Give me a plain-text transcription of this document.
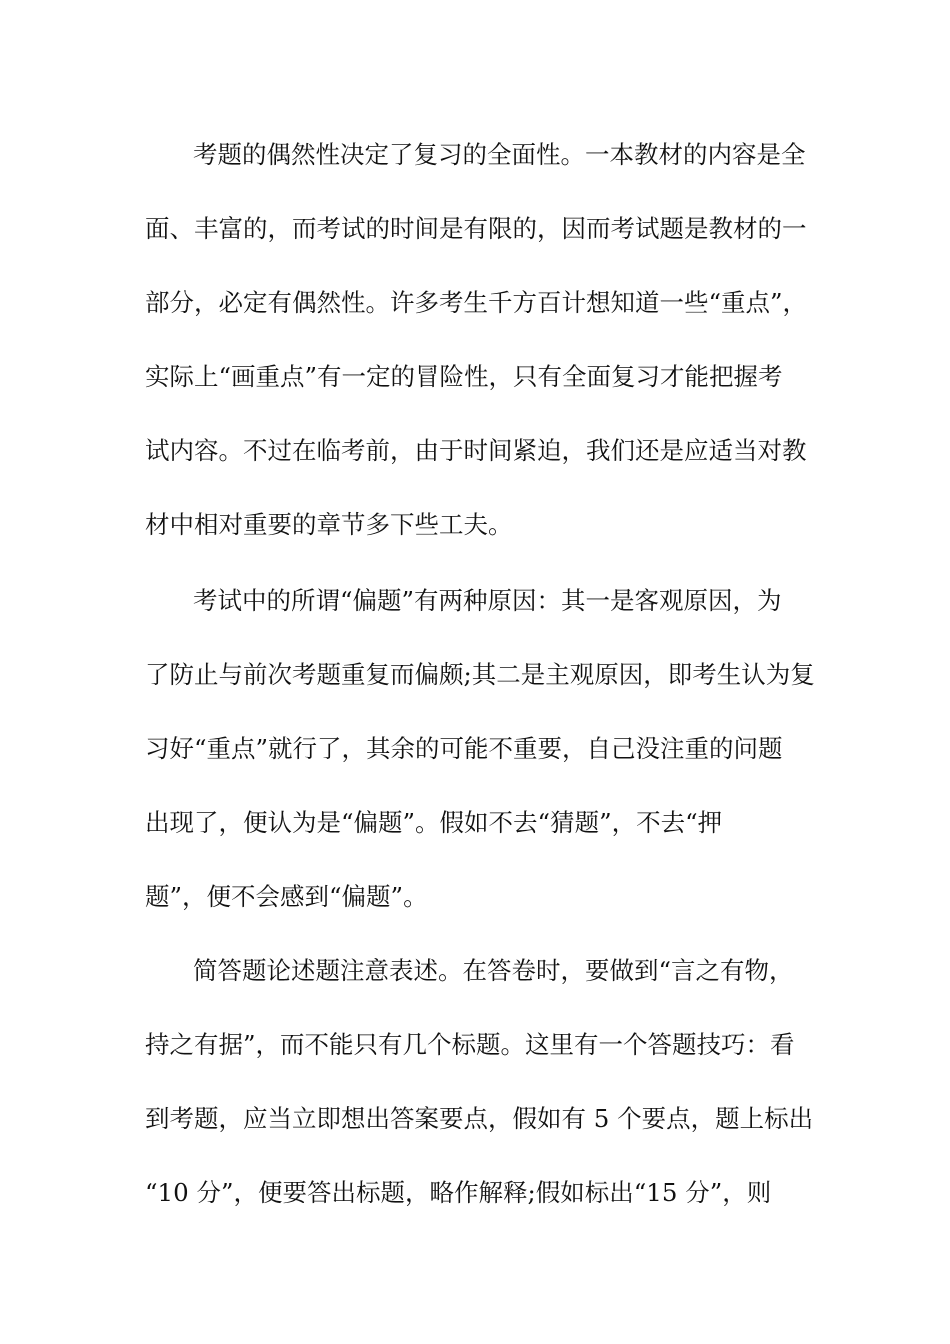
考题的偶然性决定了复习的全面性。一本教材的内容是全
面、丰富的，而考试的时间是有限的，因而考试题是教材的一
部分，必定有偶然性。许多考生千方百计想知道一些“重点”，
实际上“画重点”有一定的冒险性，只有全面复习才能把握考
试内容。不过在临考前，由于时间紧迫，我们还是应适当对教
材中相对重要的章节多下些工夫。
考试中的所谓“偏题”有两种原因：其一是客观原因，为
了防止与前次考题重复而偏颇;其二是主观原因，即考生认为复
习好“重点”就行了，其余的可能不重要，自己没注重的问题
出现了，便认为是“偏题”。假如不去“猜题”，不去“押
题”，便不会感到“偏题”。
简答题论述题注意表述。在答卷时，要做到“言之有物，
持之有据”，而不能只有几个标题。这里有一个答题技巧：看
到考题，应当立即想出答案要点，假如有 5 个要点，题上标出
“10 分”，便要答出标题，略作解释;假如标出“15 分”，则
